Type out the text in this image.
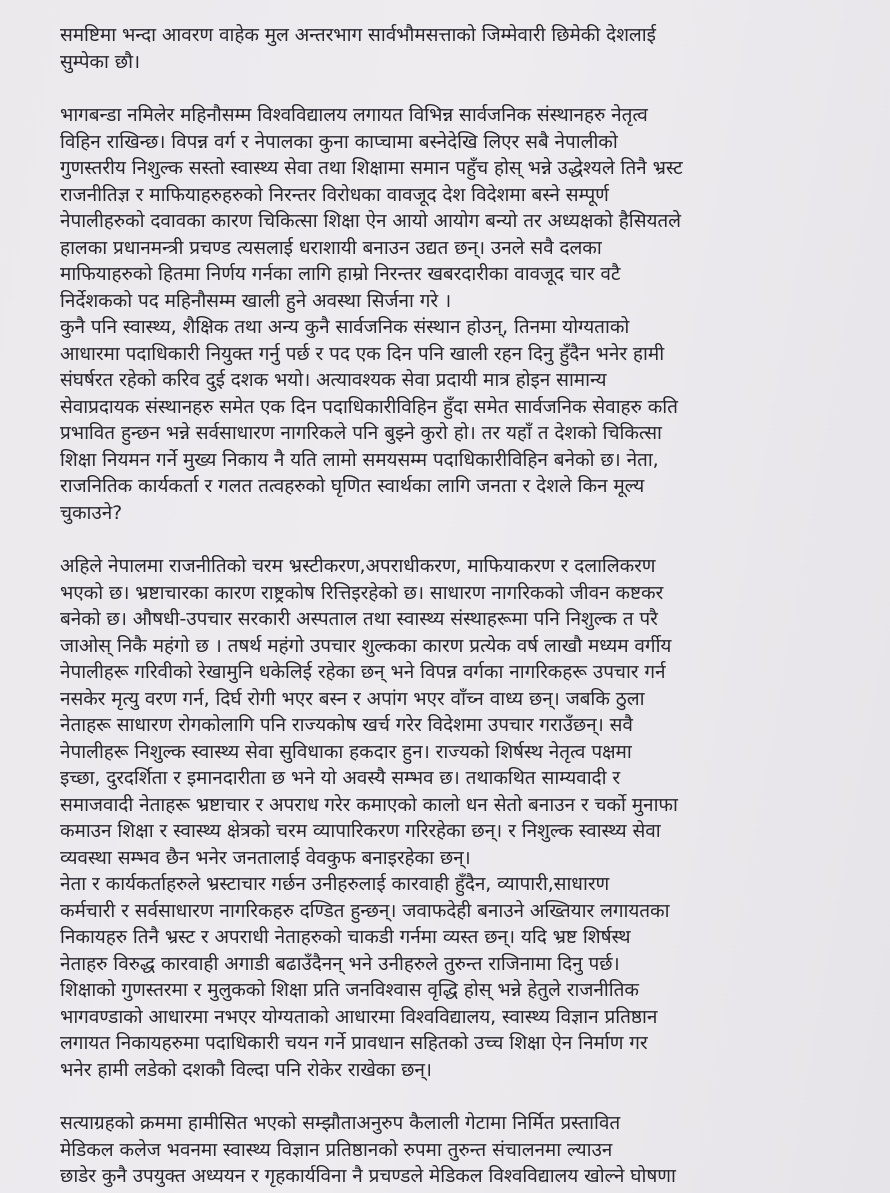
समष्टिमा भन्दा आवरण वाहेक मुल अन्तरभाग सार्वभौमसत्ताको जिम्मेवारी छिमेकी देशलाई
सुम्पेका छौ।
भागबन्डा नमिलेर महिनौसम्म विश्वविद्यालय लगायत विभिन्न सार्वजनिक संस्थानहरु नेतृत्व
विहिन राखिन्छ। विपन्न वर्ग र नेपालका कुना काप्चामा बस्नेदेखि लिएर सबै नेपालीको
गुणस्तरीय निशुल्क सस्तो स्वास्थ्य सेवा तथा शिक्षामा समान पहुँच होस् भन्ने उद्धेश्यले तिनै भ्रस्ट
राजनीतिज्ञ र माफियाहरुहरुको निरन्तर विरोधका वावजूद देश विदेशमा बस्ने सम्पूर्ण
नेपालीहरुको दवावका कारण चिकित्सा शिक्षा ऐन आयो आयोग बन्यो तर अध्यक्षको हैसियतले
हालका प्रधानमन्त्री प्रचण्ड त्यसलाई धराशायी बनाउन उद्यत छन्। उनले सवै दलका
माफियाहरुको हितमा निर्णय गर्नका लागि हाम्रो निरन्तर खबरदारीका वावजूद चार वटै
निर्देशकको पद महिनौसम्म खाली हुने अवस्था सिर्जना गरे ।
कुनै पनि स्वास्थ्य, शैक्षिक तथा अन्य कुनै सार्वजनिक संस्थान होउन्, तिनमा योग्यताको
आधारमा पदाधिकारी नियुक्त गर्नु पर्छ र पद एक दिन पनि खाली रहन दिनु हुँदैन भनेर हामी
संघर्षरत रहेको करिव दुई दशक भयो। अत्यावश्यक सेवा प्रदायी मात्र होइन सामान्य
सेवाप्रदायक संस्थानहरु समेत एक दिन पदाधिकारीविहिन हुँदा समेत सार्वजनिक सेवाहरु कति
प्रभावित हुन्छन भन्ने सर्वसाधारण नागरिकले पनि बुझ्ने कुरो हो। तर यहाँ त देशको चिकित्सा
शिक्षा नियमन गर्ने मुख्य निकाय नै यति लामो समयसम्म पदाधिकारीविहिन बनेको छ। नेता,
राजनितिक कार्यकर्ता र गलत तत्वहरुको घृणित स्वार्थका लागि जनता र देशले किन मूल्य
चुकाउने?
अहिले नेपालमा राजनीतिको चरम भ्रस्टीकरण,अपराधीकरण, माफियाकरण र दलालिकरण
भएको छ। भ्रष्टाचारका कारण राष्ट्रकोष रित्तिइरहेको छ। साधारण नागरिकको जीवन कष्टकर
बनेको छ। औषधी-उपचार सरकारी अस्पताल तथा स्वास्थ्य संस्थाहरूमा पनि निशुल्क त परै
जाओस् निकै महंगो छ । तषर्थ महंगो उपचार शुल्कका कारण प्रत्येक वर्ष लाखौ मध्यम वर्गीय
नेपालीहरू गरिवीको रेखामुनि धकेलिई रहेका छन् भने विपन्न वर्गका नागरिकहरू उपचार गर्न
नसकेर मृत्यु वरण गर्न, दिर्घ रोगी भएर बस्न र अपांग भएर वाँच्न वाध्य छन्। जबकि ठुला
नेताहरू साधारण रोगकोलागि पनि राज्यकोष खर्च गरेर विदेशमा उपचार गराउँछन्। सवै
नेपालीहरू निशुल्क स्वास्थ्य सेवा सुविधाका हकदार हुन। राज्यको शिर्षस्थ नेतृत्व पक्षमा
इच्छा, दुरदर्शिता र इमानदारीता छ भने यो अवस्यै सम्भव छ। तथाकथित साम्यवादी र
समाजवादी नेताहरू भ्रष्टाचार र अपराध गरेर कमाएको कालो धन सेतो बनाउन र चर्को मुनाफा
कमाउन शिक्षा र स्वास्थ्य क्षेत्रको चरम व्यापारिकरण गरिरहेका छन्। र निशुल्क स्वास्थ्य सेवा
व्यवस्था सम्भव छैन भनेर जनतालाई वेवकुफ बनाइरहेका छन्।
नेता र कार्यकर्ताहरुले भ्रस्टाचार गर्छन उनीहरुलाई कारवाही हुँदैन, व्यापारी,साधारण
कर्मचारी र सर्वसाधारण नागरिकहरु दण्डित हुन्छन्। जवाफदेही बनाउने अख्तियार लगायतका
निकायहरु तिनै भ्रस्ट र अपराधी नेताहरुको चाकडी गर्नमा व्यस्त छन्। यदि भ्रष्ट शिर्षस्थ
नेताहरु विरुद्ध कारवाही अगाडी बढाउँदैनन् भने उनीहरुले तुरुन्त राजिनामा दिनु पर्छ।
शिक्षाको गुणस्तरमा र मुलुकको शिक्षा प्रति जनविश्वास वृद्धि होस् भन्ने हेतुले राजनीतिक
भागवण्डाको आधारमा नभएर योग्यताको आधारमा विश्वविद्यालय, स्वास्थ्य विज्ञान प्रतिष्ठान
लगायत निकायहरुमा पदाधिकारी चयन गर्ने प्रावधान सहितको उच्च शिक्षा ऐन निर्माण गर
भनेर हामी लडेको दशकौ विल्दा पनि रोकेर राखेका छन्।
सत्याग्रहको क्रममा हामीसित भएको सम्झौताअनुरुप कैलाली गेटामा निर्मित प्रस्तावित
मेडिकल कलेज भवनमा स्वास्थ्य विज्ञान प्रतिष्ठानको रुपमा तुरुन्त संचालनमा ल्याउन
छाडेर कुनै उपयुक्त अध्ययन र गृहकार्यविना नै प्रचण्डले मेडिकल विश्वविद्यालय खोल्ने घोषणा
